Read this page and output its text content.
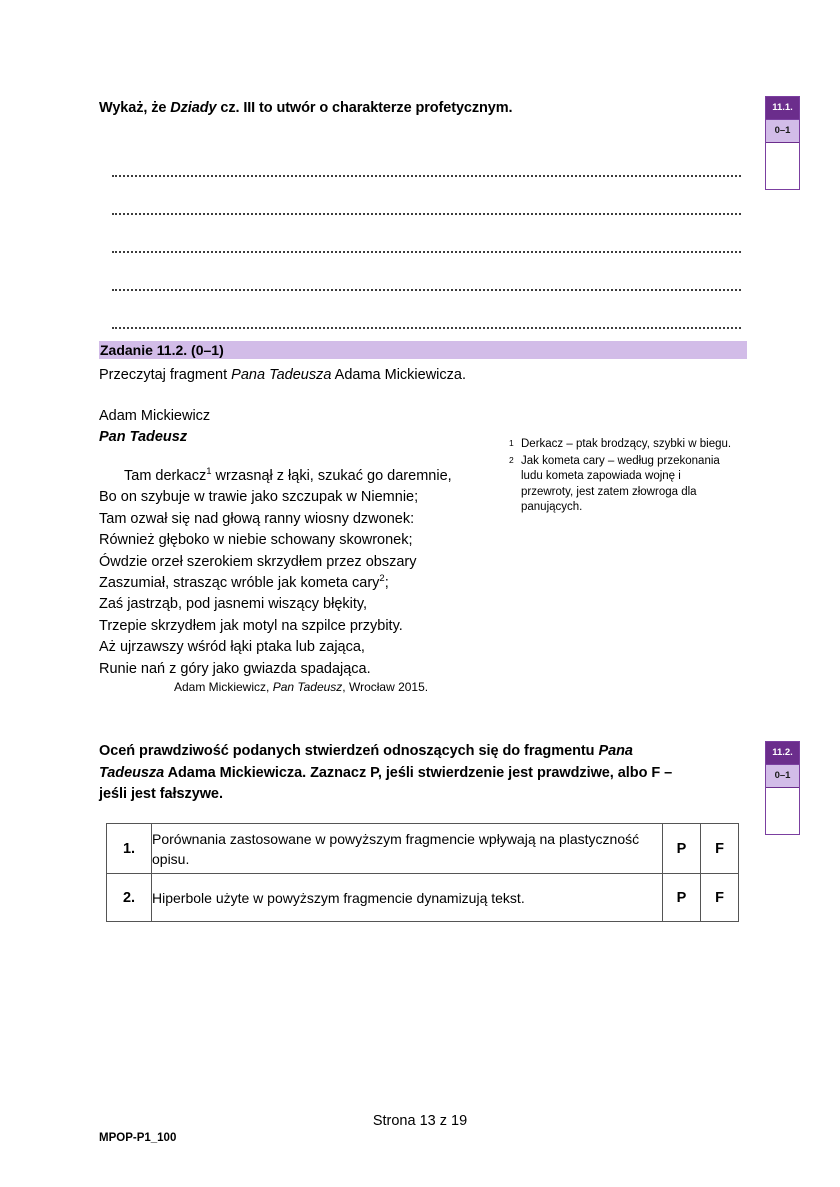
Wykaż, że Dziady cz. III to utwór o charakterze profetycznym.	11.1.
0–1
Zadanie 11.2. (0–1)
Przeczytaj fragment Pana Tadeusza Adama Mickiewicza.
Adam Mickiewicz
Pan Tadeusz
Tam derkacz$^1$ wrzasnął z łąki, szukać go daremnie,
Bo on szybuje w trawie jako szczupak w Niemnie;
Tam ozwał się nad głową ranny wiosny dzwonek:
Również głęboko w niebie schowany skowronek;
Ówdzie orzeł szerokiem skrzydłem przez obszary
Zaszumiał, strasząc wróble jak kometa cary$^2$;
Zaś jastrząb, pod jasnemi wiszący błękity,
Trzepie skrzydłem jak motyl na szpilce przybity.
Aż ujrzawszy wśród łąki ptaka lub zająca,
Runie nań z góry jako gwiazda spadająca.
1 Derkacz – ptak brodzący, szybki w biegu.
2 Jak kometa cary – według przekonania ludu kometa zapowiada wojnę i przewroty, jest zatem złowroga dla panujących.
Adam Mickiewicz, Pan Tadeusz, Wrocław 2015.
Oceń prawdziwość podanych stwierdzeń odnoszących się do fragmentu Pana Tadeusza Adama Mickiewicza. Zaznacz P, jeśli stwierdzenie jest prawdziwe, albo F – jeśli jest fałszywe.
11.2.
0–1
1.	Porównania zastosowane w powyższym fragmencie wpływają na plastyczność opisu.	P	F
2.	Hiperbole użyte w powyższym fragmencie dynamizują tekst.	P	F
Strona 13 z 19
MPOP-P1_100
